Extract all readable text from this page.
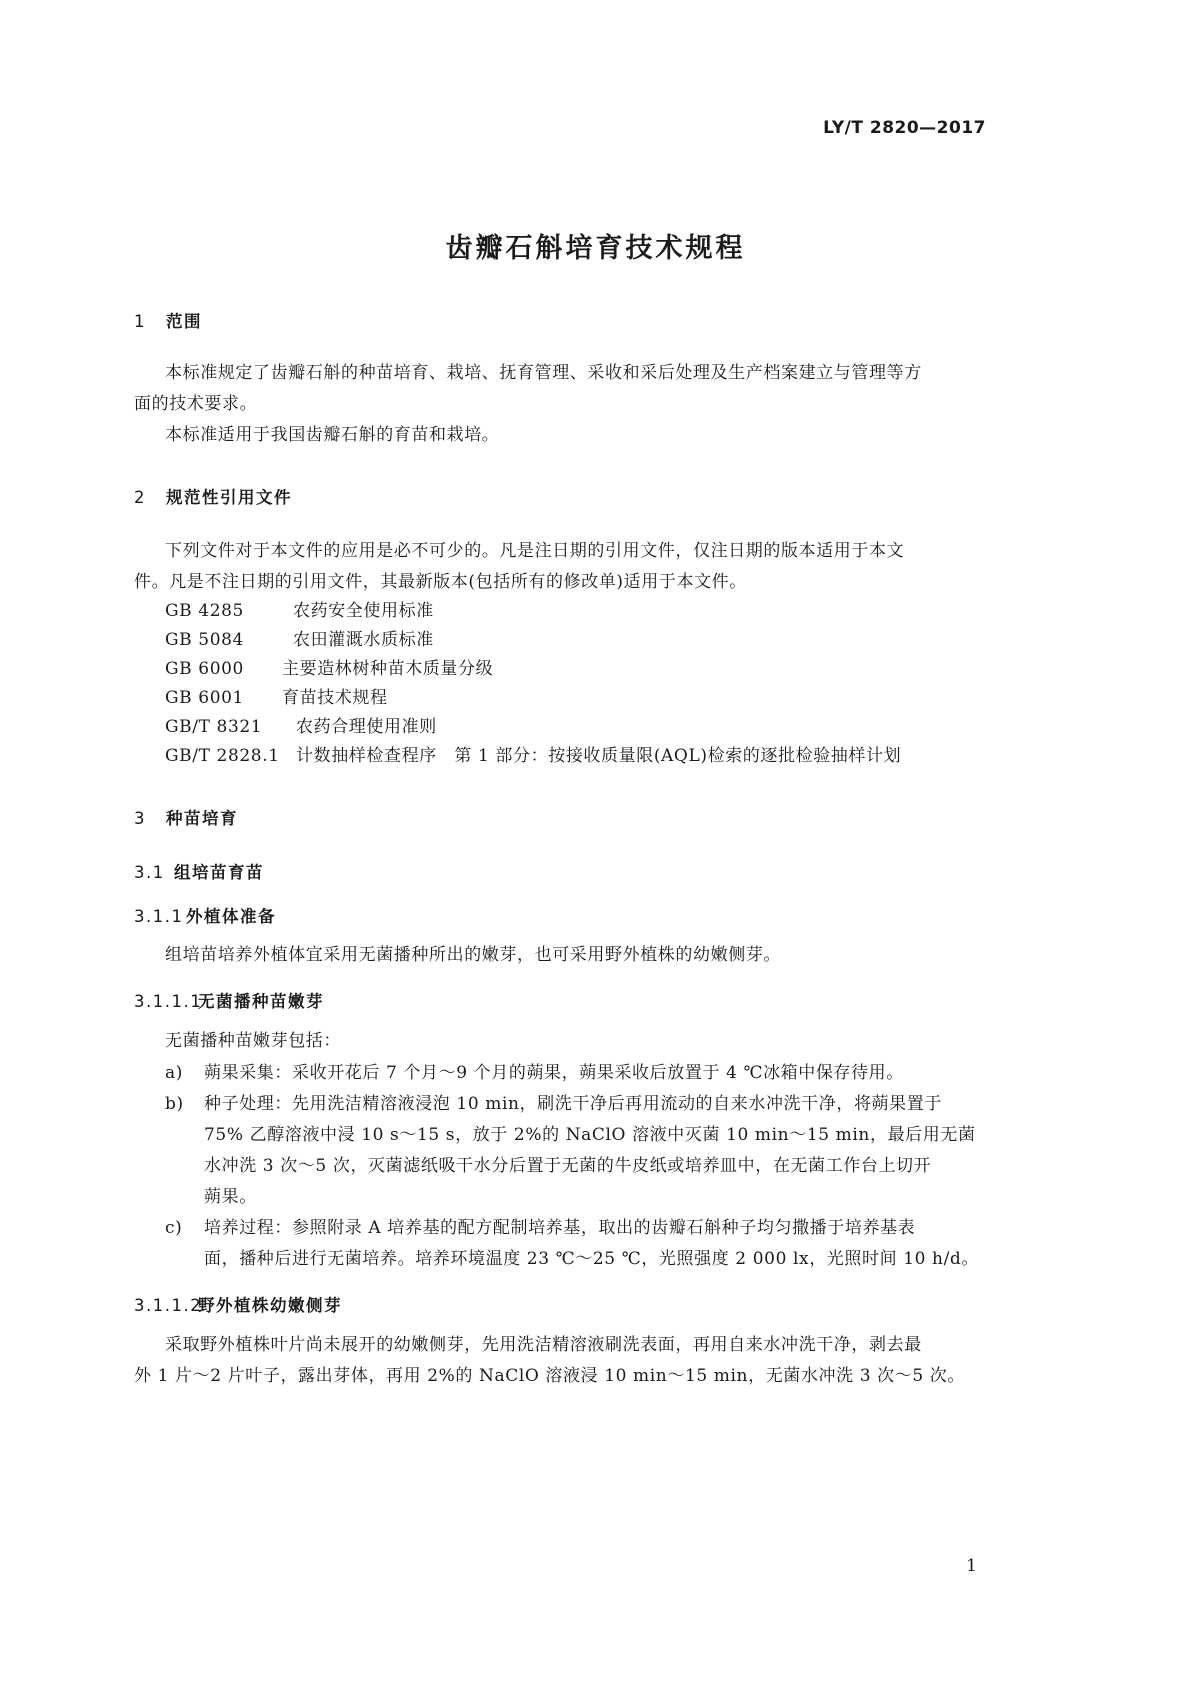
LY/T 2820—2017
齿瓣石斛培育技术规程
1 范围
本标准规定了齿瓣石斛的种苗培育、栽培、抚育管理、采收和采后处理及生产档案建立与管理等方
面的技术要求。
本标准适用于我国齿瓣石斛的育苗和栽培。
2 规范性引用文件
下列文件对于本文件的应用是必不可少的。凡是注日期的引用文件，仅注日期的版本适用于本文
件。凡是不注日期的引用文件，其最新版本(包括所有的修改单)适用于本文件。
GB 4285	农药安全使用标准
GB 5084	农田灌溉水质标准
GB 6000 主要造林树种苗木质量分级
GB 6001 育苗技术规程
GB/T 8321 农药合理使用准则
GB/T 2828.1 计数抽样检查程序　第 1 部分：按接收质量限(AQL)检索的逐批检验抽样计划
3 种苗培育
3.1 组培苗育苗
3.1.1 外植体准备
组培苗培养外植体宜采用无菌播种所出的嫩芽，也可采用野外植株的幼嫩侧芽。
3.1.1.1无菌播种苗嫩芽
无菌播种苗嫩芽包括：
a) 蒴果采集：采收开花后 7 个月～9 个月的蒴果，蒴果采收后放置于 4 ℃冰箱中保存待用。
b) 种子处理：先用洗洁精溶液浸泡 10 min，刷洗干净后再用流动的自来水冲洗干净，将蒴果置于
75% 乙醇溶液中浸 10 s～15 s，放于 2%的 NaClO 溶液中灭菌 10 min～15 min，最后用无菌
水冲洗 3 次～5 次，灭菌滤纸吸干水分后置于无菌的牛皮纸或培养皿中，在无菌工作台上切开
蒴果。
c) 培养过程：参照附录 A 培养基的配方配制培养基，取出的齿瓣石斛种子均匀撒播于培养基表
面，播种后进行无菌培养。培养环境温度 23 ℃～25 ℃，光照强度 2 000 lx，光照时间 10 h/d。
3.1.1.2野外植株幼嫩侧芽
采取野外植株叶片尚未展开的幼嫩侧芽，先用洗洁精溶液刷洗表面，再用自来水冲洗干净，剥去最
外 1 片～2 片叶子，露出芽体，再用 2%的 NaClO 溶液浸 10 min～15 min，无菌水冲洗 3 次～5 次。
1
